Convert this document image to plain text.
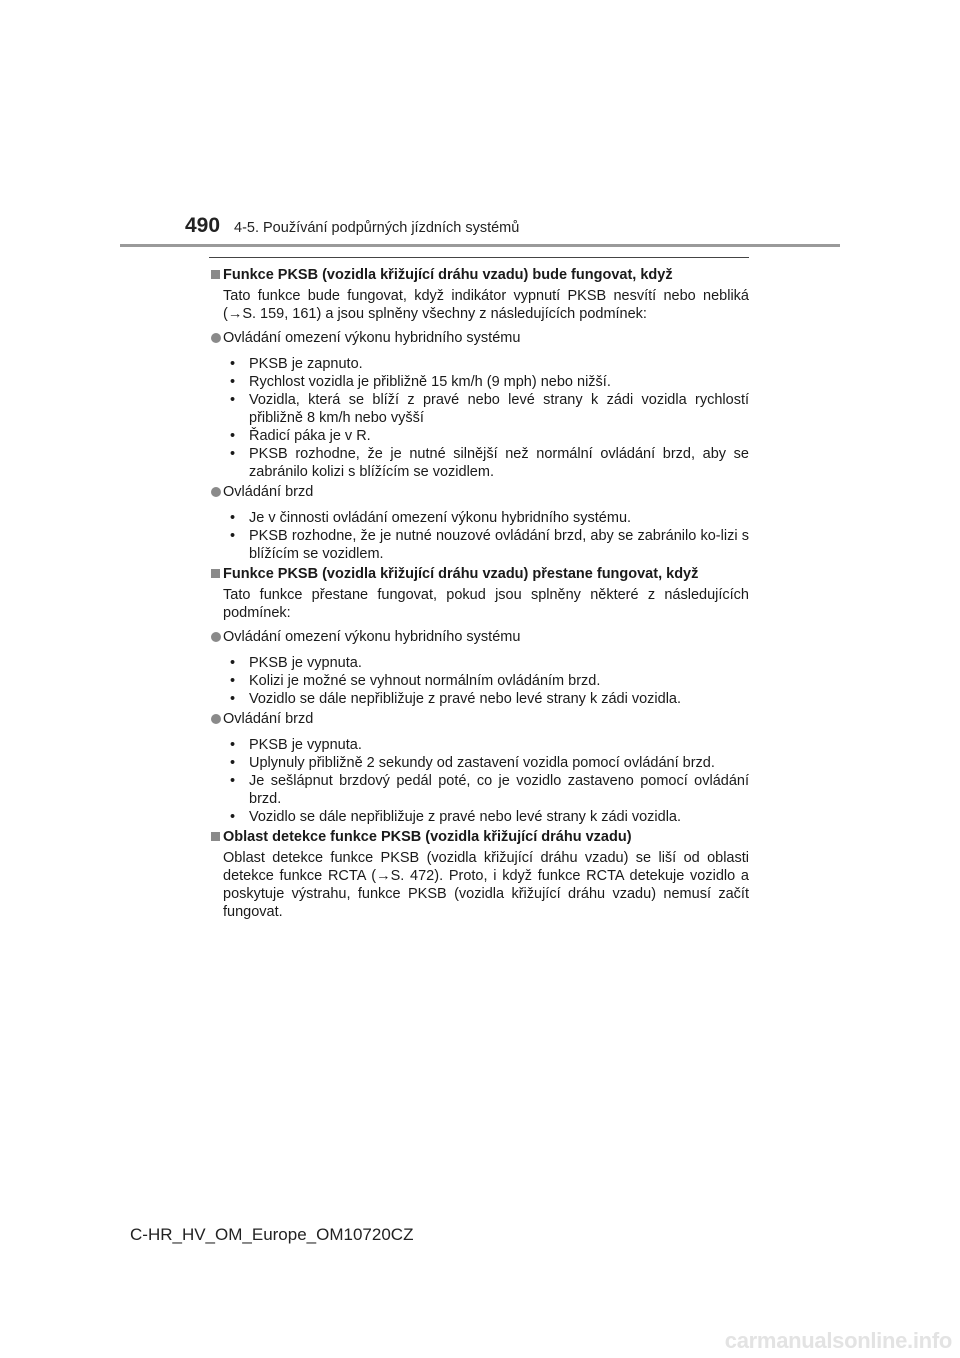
490 4-5. Používání podpůrných jízdních systémů
Funkce PKSB (vozidla křižující dráhu vzadu) bude fungovat, když

Tato funkce bude fungovat, když indikátor vypnutí PKSB nesvítí nebo nebliká (→S. 159, 161) a jsou splněny všechny z následujících podmínek:

Ovládání omezení výkonu hybridního systému
• PKSB je zapnuto.
• Rychlost vozidla je přibližně 15 km/h (9 mph) nebo nižší.
• Vozidla, která se blíží z pravé nebo levé strany k zádi vozidla rychlostí přibližně 8 km/h nebo vyšší
• Řadicí páka je v R.
• PKSB rozhodne, že je nutné silnější než normální ovládání brzd, aby se zabránilo kolizi s blížícím se vozidlem.
Ovládání brzd
• Je v činnosti ovládání omezení výkonu hybridního systému.
• PKSB rozhodne, že je nutné nouzové ovládání brzd, aby se zabránilo ko-lizi s blížícím se vozidlem.
Funkce PKSB (vozidla křižující dráhu vzadu) přestane fungovat, když

Tato funkce přestane fungovat, pokud jsou splněny některé z následujících podmínek:

Ovládání omezení výkonu hybridního systému
• PKSB je vypnuta.
• Kolizi je možné se vyhnout normálním ovládáním brzd.
• Vozidlo se dále nepřibližuje z pravé nebo levé strany k zádi vozidla.
Ovládání brzd
• PKSB je vypnuta.
• Uplynuly přibližně 2 sekundy od zastavení vozidla pomocí ovládání brzd.
• Je sešlápnut brzdový pedál poté, co je vozidlo zastaveno pomocí ovládání brzd.
• Vozidlo se dále nepřibližuje z pravé nebo levé strany k zádi vozidla.
Oblast detekce funkce PKSB (vozidla křižující dráhu vzadu)

Oblast detekce funkce PKSB (vozidla křižující dráhu vzadu) se liší od oblasti detekce funkce RCTA (→S. 472). Proto, i když funkce RCTA detekuje vozidlo a poskytuje výstrahu, funkce PKSB (vozidla křižující dráhu vzadu) nemusí začít fungovat.

C-HR_HV_OM_Europe_OM10720CZ
carmanualsonline.info
